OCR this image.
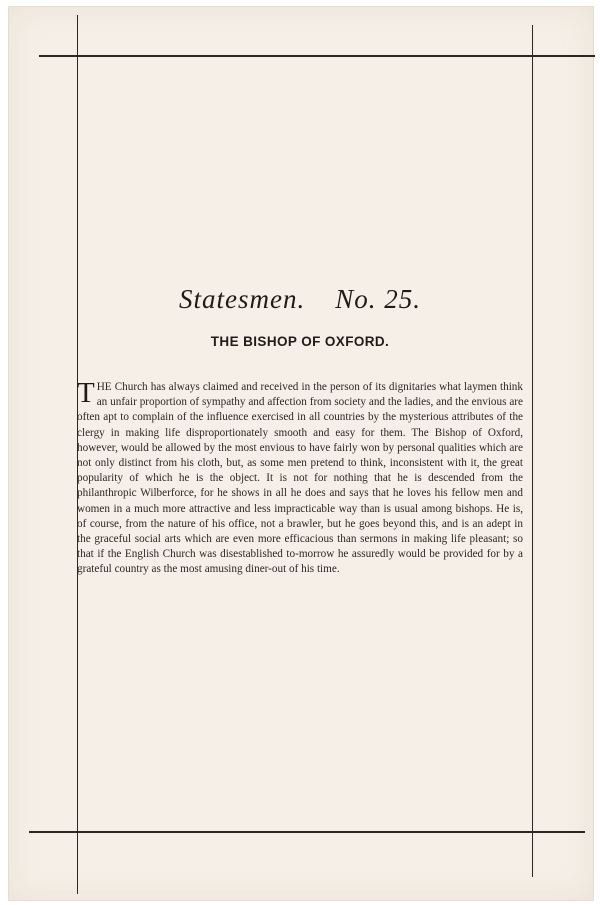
Statesmen. No. 25.
THE BISHOP OF OXFORD.
T HE Church has always claimed and received in the person of its dignitaries what laymen think an unfair proportion of sympathy and affection from society and the ladies, and the envious are often apt to complain of the influence exercised in all countries by the mysterious attributes of the clergy in making life disproportionately smooth and easy for them. The Bishop of Oxford, however, would be allowed by the most envious to have fairly won by personal qualities which are not only distinct from his cloth, but, as some men pretend to think, inconsistent with it, the great popularity of which he is the object. It is not for nothing that he is descended from the philanthropic Wilberforce, for he shows in all he does and says that he loves his fellow men and women in a much more attractive and less impracticable way than is usual among bishops. He is, of course, from the nature of his office, not a brawler, but he goes beyond this, and is an adept in the graceful social arts which are even more efficacious than sermons in making life pleasant; so that if the English Church was disestablished to-morrow he assuredly would be provided for by a grateful country as the most amusing diner-out of his time.
